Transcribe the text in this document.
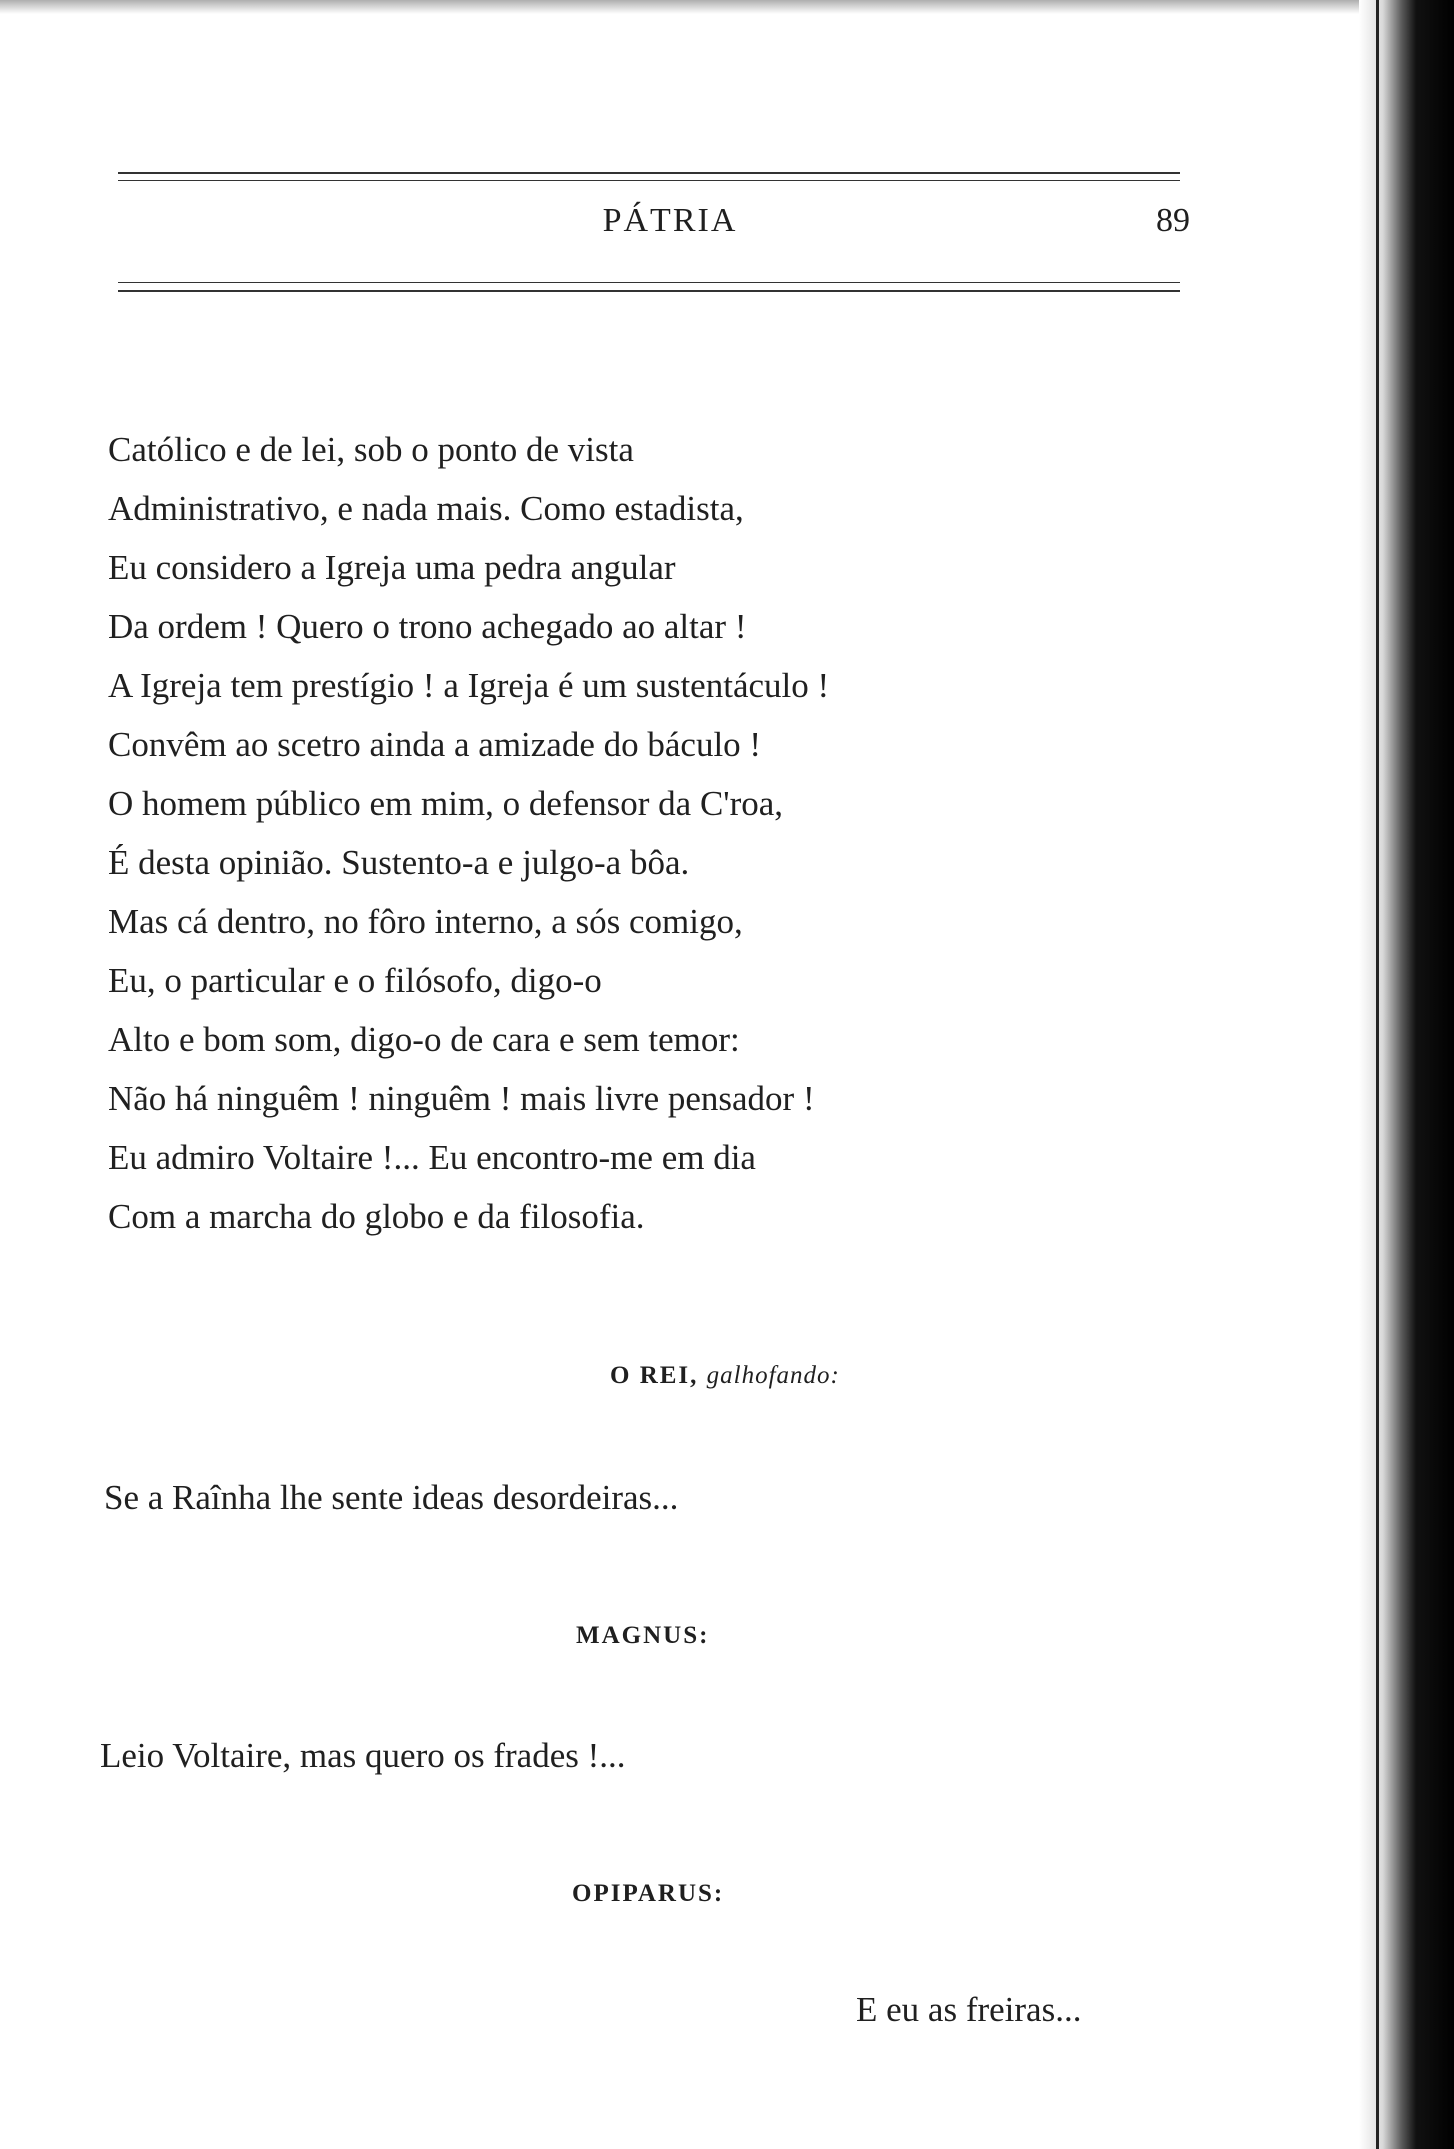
PÁTRIA	89
Católico e de lei, sob o ponto de vista
Administrativo, e nada mais. Como estadista,
Eu considero a Igreja uma pedra angular
Da ordem ! Quero o trono achegado ao altar !
A Igreja tem prestígio ! a Igreja é um sustentáculo !
Convêm ao scetro ainda a amizade do báculo !
O homem público em mim, o defensor da C'roa,
É desta opinião. Sustento-a e julgo-a bôa.
Mas cá dentro, no fôro interno, a sós comigo,
Eu, o particular e o filósofo, digo-o
Alto e bom som, digo-o de cara e sem temor:
Não há ninguêm ! ninguêm ! mais livre pensador !
Eu admiro Voltaire !... Eu encontro-me em dia
Com a marcha do globo e da filosofia.
O REI, galhofando:
Se a Raînha lhe sente ideas desordeiras...
MAGNUS:
Leio Voltaire, mas quero os frades !...
OPIPARUS:
E eu as freiras...
